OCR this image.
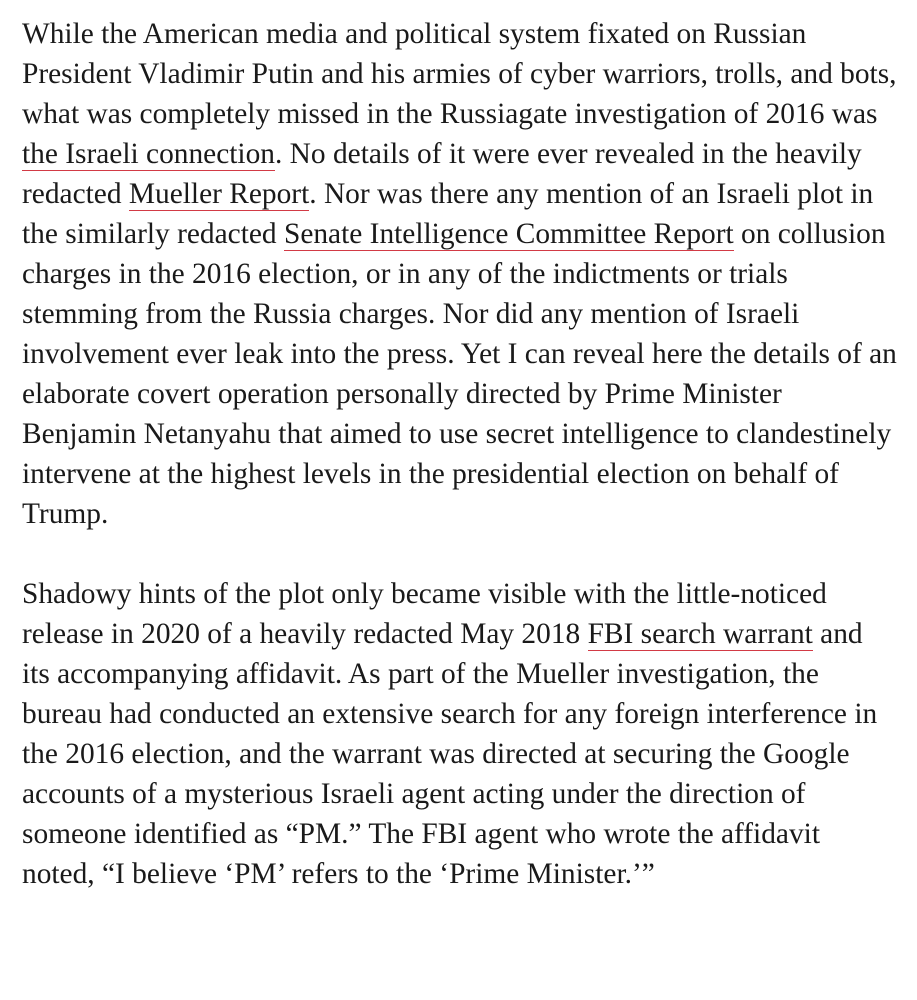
While the American media and political system fixated on Russian President Vladimir Putin and his armies of cyber warriors, trolls, and bots, what was completely missed in the Russiagate investigation of 2016 was the Israeli connection. No details of it were ever revealed in the heavily redacted Mueller Report. Nor was there any mention of an Israeli plot in the similarly redacted Senate Intelligence Committee Report on collusion charges in the 2016 election, or in any of the indictments or trials stemming from the Russia charges. Nor did any mention of Israeli involvement ever leak into the press. Yet I can reveal here the details of an elaborate covert operation personally directed by Prime Minister Benjamin Netanyahu that aimed to use secret intelligence to clandestinely intervene at the highest levels in the presidential election on behalf of Trump.

Shadowy hints of the plot only became visible with the little-noticed release in 2020 of a heavily redacted May 2018 FBI search warrant and its accompanying affidavit. As part of the Mueller investigation, the bureau had conducted an extensive search for any foreign interference in the 2016 election, and the warrant was directed at securing the Google accounts of a mysterious Israeli agent acting under the direction of someone identified as “PM.” The FBI agent who wrote the affidavit noted, “I believe ‘PM’ refers to the ‘Prime Minister.’”
